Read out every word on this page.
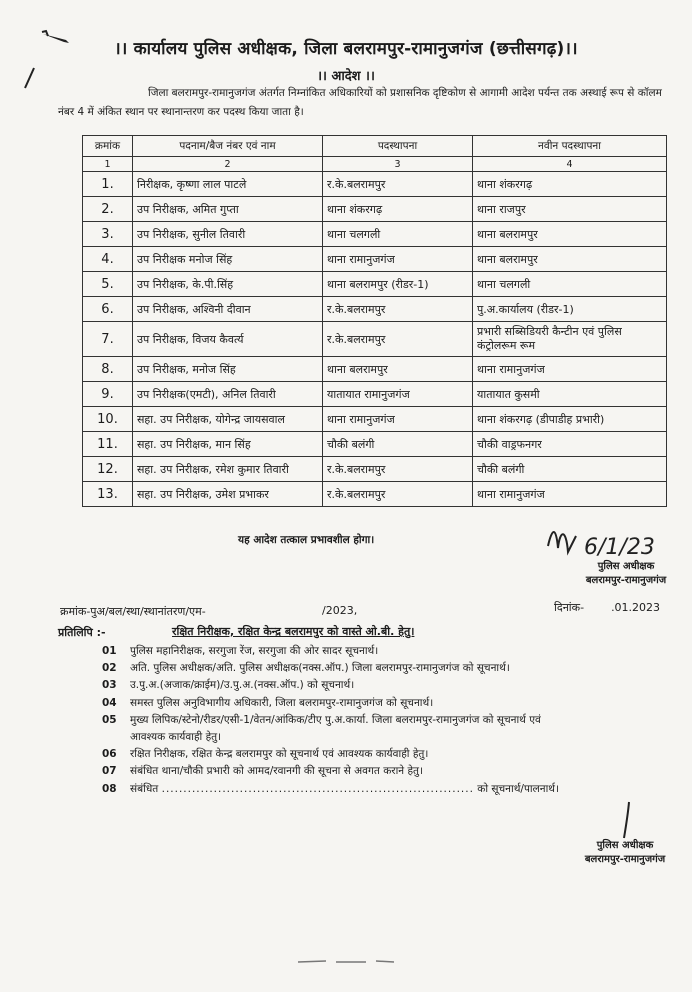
।। कार्यालय पुलिस अधीक्षक, जिला बलरामपुर-रामानुजगंज (छत्तीसगढ़)।।
।। आदेश ।।
जिला बलरामपुर-रामानुजगंज अंतर्गत निम्नांकित अधिकारियों को प्रशासनिक दृष्टिकोण से आगामी आदेश पर्यन्त तक अस्थाई रूप से कॉलम नंबर 4 में अंकित स्थान पर स्थानान्तरण कर पदस्थ किया जाता है।
क्रमांक	पदनाम/बैज नंबर एवं नाम	पदस्थापना	नवीन पदस्थापना
1	2	3	4
1.	निरीक्षक, कृष्णा लाल पाटले	र.के.बलरामपुर	थाना शंकरगढ़
2.	उप निरीक्षक, अमित गुप्ता	थाना शंकरगढ़	थाना राजपुर
3.	उप निरीक्षक, सुनील तिवारी	थाना चलगली	थाना बलरामपुर
4.	उप निरीक्षक मनोज सिंह	थाना रामानुजगंज	थाना बलरामपुर
5.	उप निरीक्षक, के.पी.सिंह	थाना बलरामपुर (रीडर-1)	थाना चलगली
6.	उप निरीक्षक, अश्विनी दीवान	र.के.बलरामपुर	पु.अ.कार्यालय (रीडर-1)
7.	उप निरीक्षक, विजय कैवर्त्य	र.के.बलरामपुर	प्रभारी सब्सिडियरी कैन्टीन एवं पुलिस कंट्रोलरूम रूम
8.	उप निरीक्षक, मनोज सिंह	थाना बलरामपुर	थाना रामानुजगंज
9.	उप निरीक्षक(एमटी), अनिल तिवारी	यातायात रामानुजगंज	यातायात कुसमी
10.	सहा. उप निरीक्षक, योगेन्द्र जायसवाल	थाना रामानुजगंज	थाना शंकरगढ़ (डीपाडीह प्रभारी)
11.	सहा. उप निरीक्षक, मान सिंह	चौकी बलंगी	चौकी वाड्रफनगर
12.	सहा. उप निरीक्षक, रमेश कुमार तिवारी	र.के.बलरामपुर	चौकी बलंगी
13.	सहा. उप निरीक्षक, उमेश प्रभाकर	र.के.बलरामपुर	थाना रामानुजगंज
यह आदेश तत्काल प्रभावशील होगा।	6/1/23
पुलिस अधीक्षक
बलरामपुर-रामानुजगंज
क्रमांक-पुअ/बल/स्था/स्थानांतरण/एम-	/2023,	दिनांक- .01.2023
प्रतिलिपि :-	रक्षित निरीक्षक, रक्षित केन्द्र बलरामपुर को वास्ते ओ.बी. हेतु।
01	पुलिस महानिरीक्षक, सरगुजा रेंज, सरगुजा की ओर सादर सूचनार्थ।
02	अति. पुलिस अधीक्षक/अति. पुलिस अधीक्षक(नक्स.ऑप.) जिला बलरामपुर-रामानुजगंज को सूचनार्थ।
03	उ.पु.अ.(अजाक/क्राईम)/उ.पु.अ.(नक्स.ऑप.) को सूचनार्थ।
04	समस्त पुलिस अनुविभागीय अधिकारी, जिला बलरामपुर-रामानुजगंज को सूचनार्थ।
05	मुख्य लिपिक/स्टेनो/रीडर/एसी-1/वेतन/आंकिक/टीए पु.अ.कार्या. जिला बलरामपुर-रामानुजगंज को सूचनार्थ एवं
आवश्यक कार्यवाही हेतु।
06	रक्षित निरीक्षक, रक्षित केन्द्र बलरामपुर को सूचनार्थ एवं आवश्यक कार्यवाही हेतु।
07	संबंधित थाना/चौकी प्रभारी को आमद/रवानगी की सूचना से अवगत कराने हेतु।
08	संबंधित ........................................................................ को सूचनार्थ/पालनार्थ।
पुलिस अधीक्षक
बलरामपुर-रामानुजगंज
